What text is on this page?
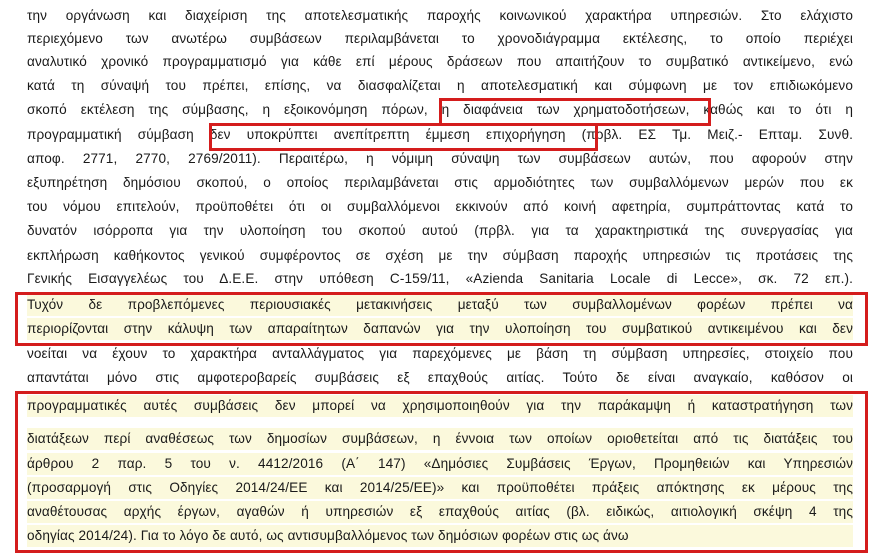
την οργάνωση και διαχείριση της αποτελεσματικής παροχής κοινωνικού χαρακτήρα υπηρεσιών. Στο ελάχιστο
περιεχόμενο των ανωτέρω συμβάσεων περιλαμβάνεται το χρονοδιάγραμμα εκτέλεσης, το οποίο περιέχει
αναλυτικό χρονικό προγραμματισμό για κάθε επί μέρους δράσεων που απαιτήζουν το συμβατικό αντικείμενο, ενώ
κατά τη σύναψή του πρέπει, επίσης, να διασφαλίζεται η αποτελεσματική και σύμφωνη με τον επιδιωκόμενο
σκοπό εκτέλεση της σύμβασης, η εξοικονόμηση πόρων, η διαφάνεια των χρηματοδοτήσεων, καθώς και το ότι η
προγραμματική σύμβαση δεν υποκρύπτει ανεπίτρεπτη έμμεση επιχορήγηση (πρβλ. ΕΣ Τμ. Μειζ.- Επταμ. Συνθ.
αποφ. 2771, 2770, 2769/2011). Περαιτέρω, η νόμιμη σύναψη των συμβάσεων αυτών, που αφορούν στην
εξυπηρέτηση δημόσιου σκοπού, ο οποίος περιλαμβάνεται στις αρμοδιότητες των συμβαλλόμενων μερών που εκ
του νόμου επιτελούν, προϋποθέτει ότι οι συμβαλλόμενοι εκκινούν από κοινή αφετηρία, συμπράττοντας κατά το
δυνατόν ισόρροπα για την υλοποίηση του σκοπού αυτού (πρβλ. για τα χαρακτηριστικά της συνεργασίας για
εκπλήρωση καθήκοντος γενικού συμφέροντος σε σχέση με την σύμβαση παροχής υπηρεσιών τις προτάσεις της
Γενικής Εισαγγελέως του Δ.Ε.Ε. στην υπόθεση C-159/11, «Azienda Sanitaria Locale di Lecce», σκ. 72 επ.).
Τυχόν δε προβλεπόμενες περιουσιακές μετακινήσεις μεταξύ των συμβαλλομένων φορέων πρέπει να
περιορίζονται στην κάλυψη των απαραίτητων δαπανών για την υλοποίηση του συμβατικού αντικειμένου και δεν
νοείται να έχουν το χαρακτήρα ανταλλάγματος για παρεχόμενες με βάση τη σύμβαση υπηρεσίες, στοιχείο που
απαντάται μόνο στις αμφοτεροβαρείς συμβάσεις εξ επαχθούς αιτίας. Τούτο δε είναι αναγκαίο, καθόσον οι
προγραμματικές αυτές συμβάσεις δεν μπορεί να χρησιμοποιηθούν για την παράκαμψη ή καταστρατήγηση των
διατάξεων περί αναθέσεως των δημοσίων συμβάσεων, η έννοια των οποίων οριοθετείται από τις διατάξεις του
άρθρου 2 παρ. 5 του ν. 4412/2016 (Α΄ 147) «Δημόσιες Συμβάσεις Έργων, Προμηθειών και Υπηρεσιών
(προσαρμογή στις Οδηγίες 2014/24/ΕΕ και 2014/25/ΕΕ)» και προϋποθέτει πράξεις απόκτησης εκ μέρους της
αναθέτουσας αρχής έργων, αγαθών ή υπηρεσιών εξ επαχθούς αιτίας (βλ. ειδικώς, αιτιολογική σκέψη 4 της
οδηγίας 2014/24). Για το λόγο δε αυτό, ως αντισυμβαλλόμενος των δημόσιων φορέων στις ως άνω
